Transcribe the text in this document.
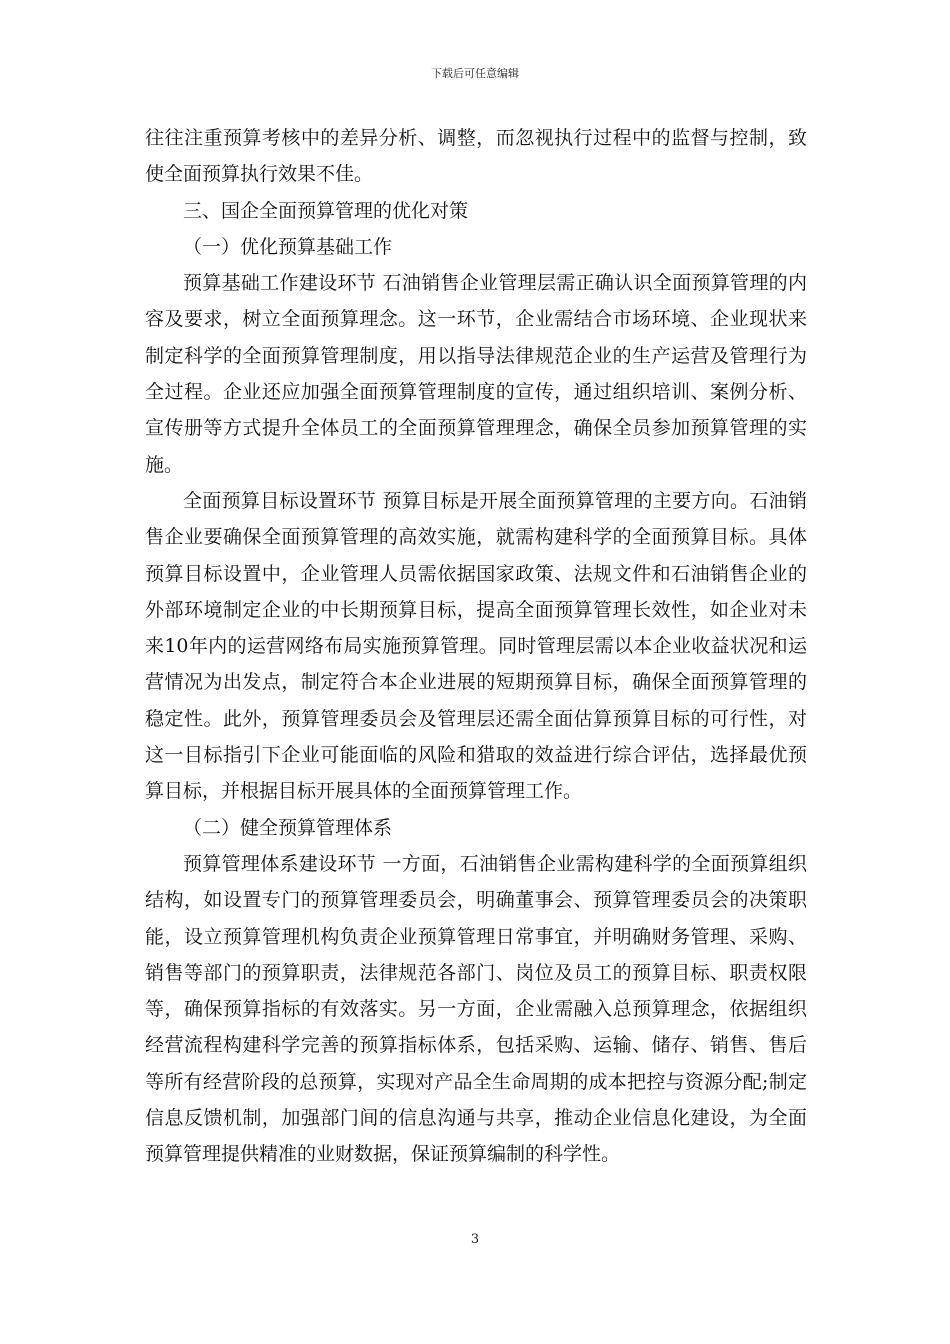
下载后可任意编辑

往往注重预算考核中的差异分析、调整，而忽视执行过程中的监督与控制，致使全面预算执行效果不佳。

三、国企全面预算管理的优化对策

（一）优化预算基础工作

预算基础工作建设环节 石油销售企业管理层需正确认识全面预算管理的内容及要求，树立全面预算理念。这一环节，企业需结合市场环境、企业现状来制定科学的全面预算管理制度，用以指导法律规范企业的生产运营及管理行为全过程。企业还应加强全面预算管理制度的宣传，通过组织培训、案例分析、宣传册等方式提升全体员工的全面预算管理理念，确保全员参加预算管理的实施。

全面预算目标设置环节 预算目标是开展全面预算管理的主要方向。石油销售企业要确保全面预算管理的高效实施，就需构建科学的全面预算目标。具体预算目标设置中，企业管理人员需依据国家政策、法规文件和石油销售企业的外部环境制定企业的中长期预算目标，提高全面预算管理长效性，如企业对未来10年内的运营网络布局实施预算管理。同时管理层需以本企业收益状况和运营情况为出发点，制定符合本企业进展的短期预算目标，确保全面预算管理的稳定性。此外，预算管理委员会及管理层还需全面估算预算目标的可行性，对这一目标指引下企业可能面临的风险和猎取的效益进行综合评估，选择最优预算目标，并根据目标开展具体的全面预算管理工作。

（二）健全预算管理体系

预算管理体系建设环节 一方面，石油销售企业需构建科学的全面预算组织结构，如设置专门的预算管理委员会，明确董事会、预算管理委员会的决策职能，设立预算管理机构负责企业预算管理日常事宜，并明确财务管理、采购、销售等部门的预算职责，法律规范各部门、岗位及员工的预算目标、职责权限等，确保预算指标的有效落实。另一方面，企业需融入总预算理念，依据组织经营流程构建科学完善的预算指标体系，包括采购、运输、储存、销售、售后等所有经营阶段的总预算，实现对产品全生命周期的成本把控与资源分配;制定信息反馈机制，加强部门间的信息沟通与共享，推动企业信息化建设，为全面预算管理提供精准的业财数据，保证预算编制的科学性。

3
